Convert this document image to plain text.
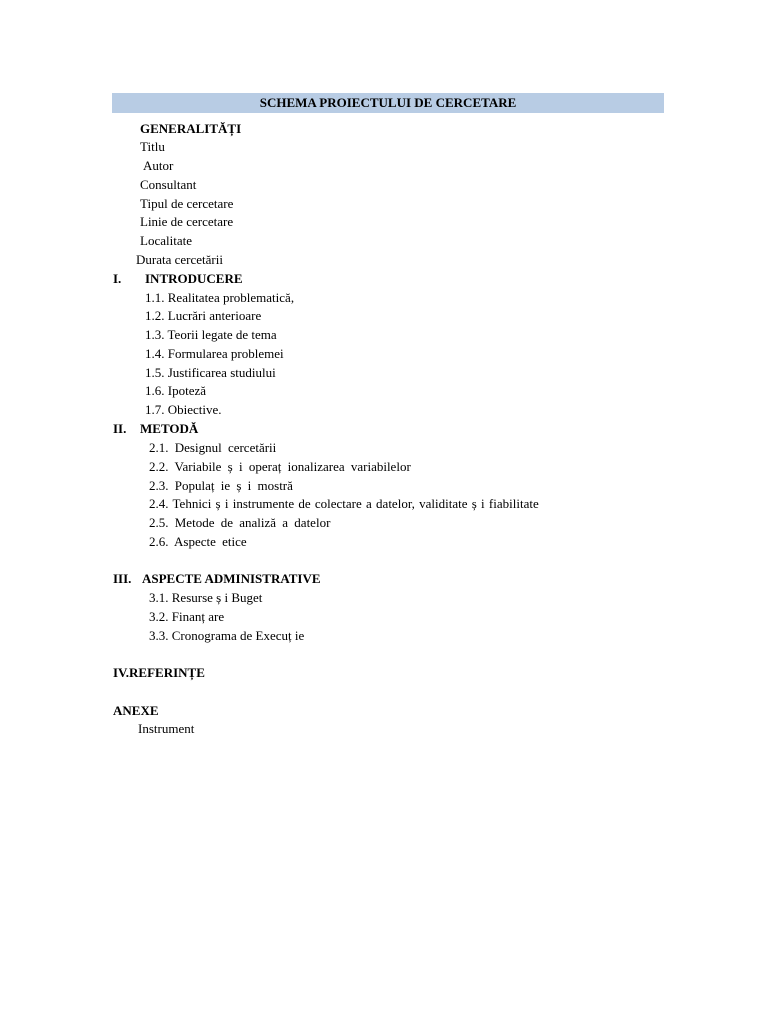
SCHEMA PROIECTULUI DE CERCETARE
GENERALITĂȚI
Titlu
Autor
Consultant
Tipul de cercetare
Linie de cercetare
Localitate
Durata cercetării
I. INTRODUCERE
1.1. Realitatea problematică,
1.2. Lucrări anterioare
1.3. Teorii legate de tema
1.4. Formularea problemei
1.5. Justificarea studiului
1.6. Ipoteză
1.7. Obiective.
II. METODĂ
2.1. Designul cercetării
2.2. Variabile ș i operaț ionalizarea variabilelor
2.3. Populaț ie ș i mostră
2.4. Tehnici ș i instrumente de colectare a datelor, validitate ș i fiabilitate
2.5. Metode de analiză a datelor
2.6. Aspecte etice
III. ASPECTE ADMINISTRATIVE
3.1. Resurse ș i Buget
3.2. Finanț are
3.3. Cronograma de Execuț ie
IV.REFERINȚE
ANEXE
Instrument
